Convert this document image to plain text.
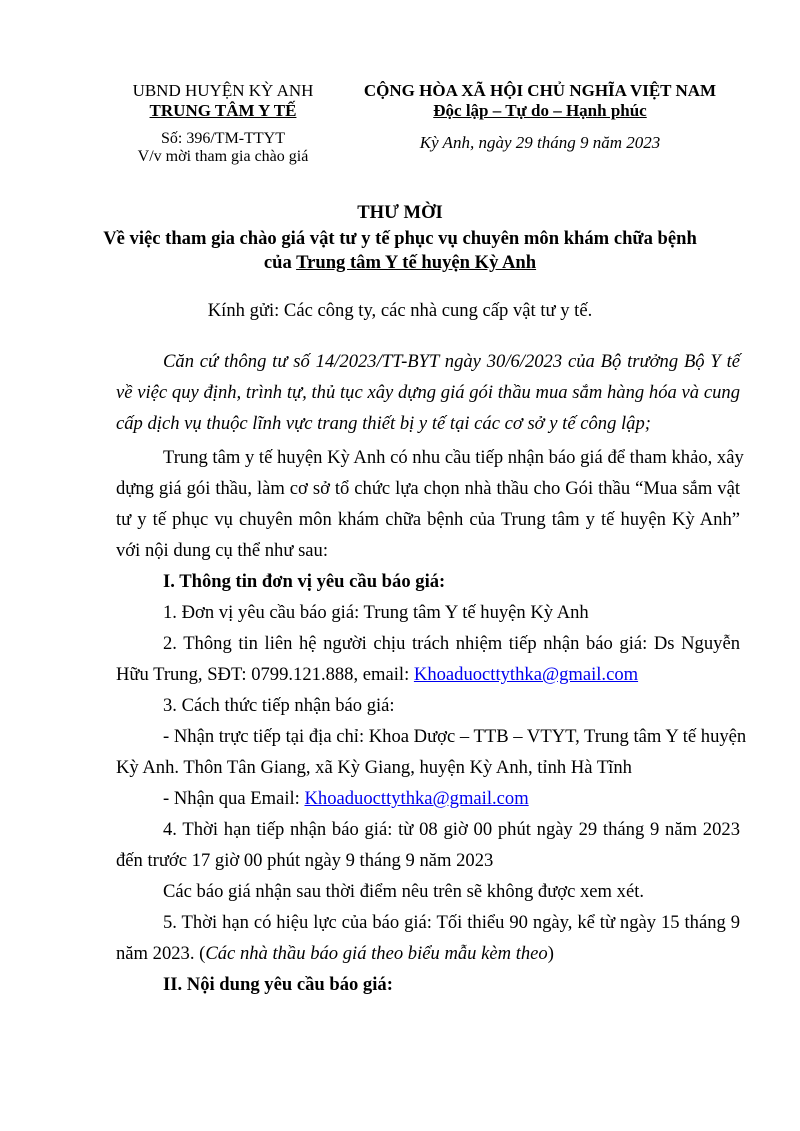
UBND HUYỆN KỲ ANH
TRUNG TÂM Y TẾ
Số: 396/TM-TTYT
V/v mời tham gia chào giá
CỘNG HÒA XÃ HỘI CHỦ NGHĨA VIỆT NAM
Độc lập – Tự do – Hạnh phúc
Kỳ Anh, ngày 29 tháng 9 năm 2023
THƯ MỜI
Về việc tham gia chào giá vật tư y tế phục vụ chuyên môn khám chữa bệnh
của Trung tâm Y tế huyện Kỳ Anh
Kính gửi: Các công ty, các nhà cung cấp vật tư y tế.
Căn cứ thông tư số 14/2023/TT-BYT ngày 30/6/2023 của Bộ trưởng Bộ Y tế
về việc quy định, trình tự, thủ tục xây dựng giá gói thầu mua sắm hàng hóa và cung
cấp dịch vụ thuộc lĩnh vực trang thiết bị y tế tại các cơ sở y tế công lập;
Trung tâm y tế huyện Kỳ Anh có nhu cầu tiếp nhận báo giá để tham khảo, xây
dựng giá gói thầu, làm cơ sở tổ chức lựa chọn nhà thầu cho Gói thầu “Mua sắm vật
tư y tế phục vụ chuyên môn khám chữa bệnh của Trung tâm y tế huyện Kỳ Anh”
với nội dung cụ thể như sau:
I. Thông tin đơn vị yêu cầu báo giá:
1. Đơn vị yêu cầu báo giá: Trung tâm Y tế huyện Kỳ Anh
2. Thông tin liên hệ người chịu trách nhiệm tiếp nhận báo giá: Ds Nguyễn
Hữu Trung, SĐT: 0799.121.888, email: Khoaduocttythka@gmail.com
3. Cách thức tiếp nhận báo giá:
- Nhận trực tiếp tại địa chỉ: Khoa Dược – TTB – VTYT, Trung tâm Y tế huyện
Kỳ Anh. Thôn Tân Giang, xã Kỳ Giang, huyện Kỳ Anh, tỉnh Hà Tĩnh
- Nhận qua Email: Khoaduocttythka@gmail.com
4. Thời hạn tiếp nhận báo giá: từ 08 giờ 00 phút ngày 29 tháng 9 năm 2023
đến trước 17 giờ 00 phút ngày 9 tháng 9 năm 2023
Các báo giá nhận sau thời điểm nêu trên sẽ không được xem xét.
5. Thời hạn có hiệu lực của báo giá: Tối thiểu 90 ngày, kể từ ngày 15 tháng 9
năm 2023. (Các nhà thầu báo giá theo biểu mẫu kèm theo)
II. Nội dung yêu cầu báo giá:
